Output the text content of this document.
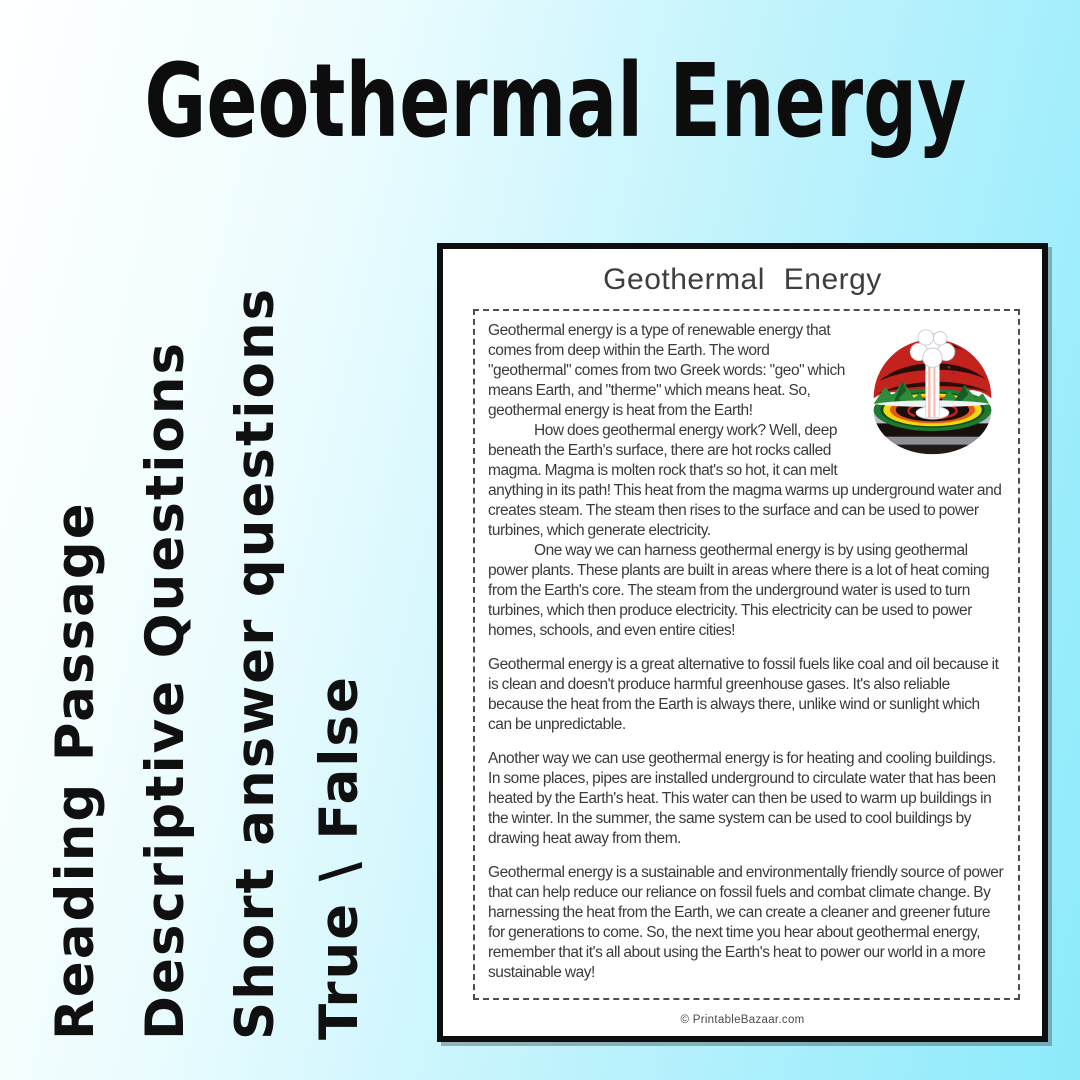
Geothermal Energy
Reading Passage Descriptive Questions Short answer questions True \ False
Geothermal Energy

Geothermal energy is a type of renewable energy that comes from deep within the Earth. The word "geothermal" comes from two Greek words: "geo" which means Earth, and "therme" which means heat. So, geothermal energy is heat from the Earth!

How does geothermal energy work? Well, deep beneath the Earth's surface, there are hot rocks called magma. Magma is molten rock that's so hot, it can melt anything in its path! This heat from the magma warms up underground water and creates steam. The steam then rises to the surface and can be used to power turbines, which generate electricity.

One way we can harness geothermal energy is by using geothermal power plants. These plants are built in areas where there is a lot of heat coming from the Earth's core. The steam from the underground water is used to turn turbines, which then produce electricity. This electricity can be used to power homes, schools, and even entire cities!

Geothermal energy is a great alternative to fossil fuels like coal and oil because it is clean and doesn't produce harmful greenhouse gases. It's also reliable because the heat from the Earth is always there, unlike wind or sunlight which can be unpredictable.

Another way we can use geothermal energy is for heating and cooling buildings. In some places, pipes are installed underground to circulate water that has been heated by the Earth's heat. This water can then be used to warm up buildings in the winter. In the summer, the same system can be used to cool buildings by drawing heat away from them.

Geothermal energy is a sustainable and environmentally friendly source of power that can help reduce our reliance on fossil fuels and combat climate change. By harnessing the heat from the Earth, we can create a cleaner and greener future for generations to come. So, the next time you hear about geothermal energy, remember that it's all about using the Earth's heat to power our world in a more sustainable way!

© PrintableBazaar.com
